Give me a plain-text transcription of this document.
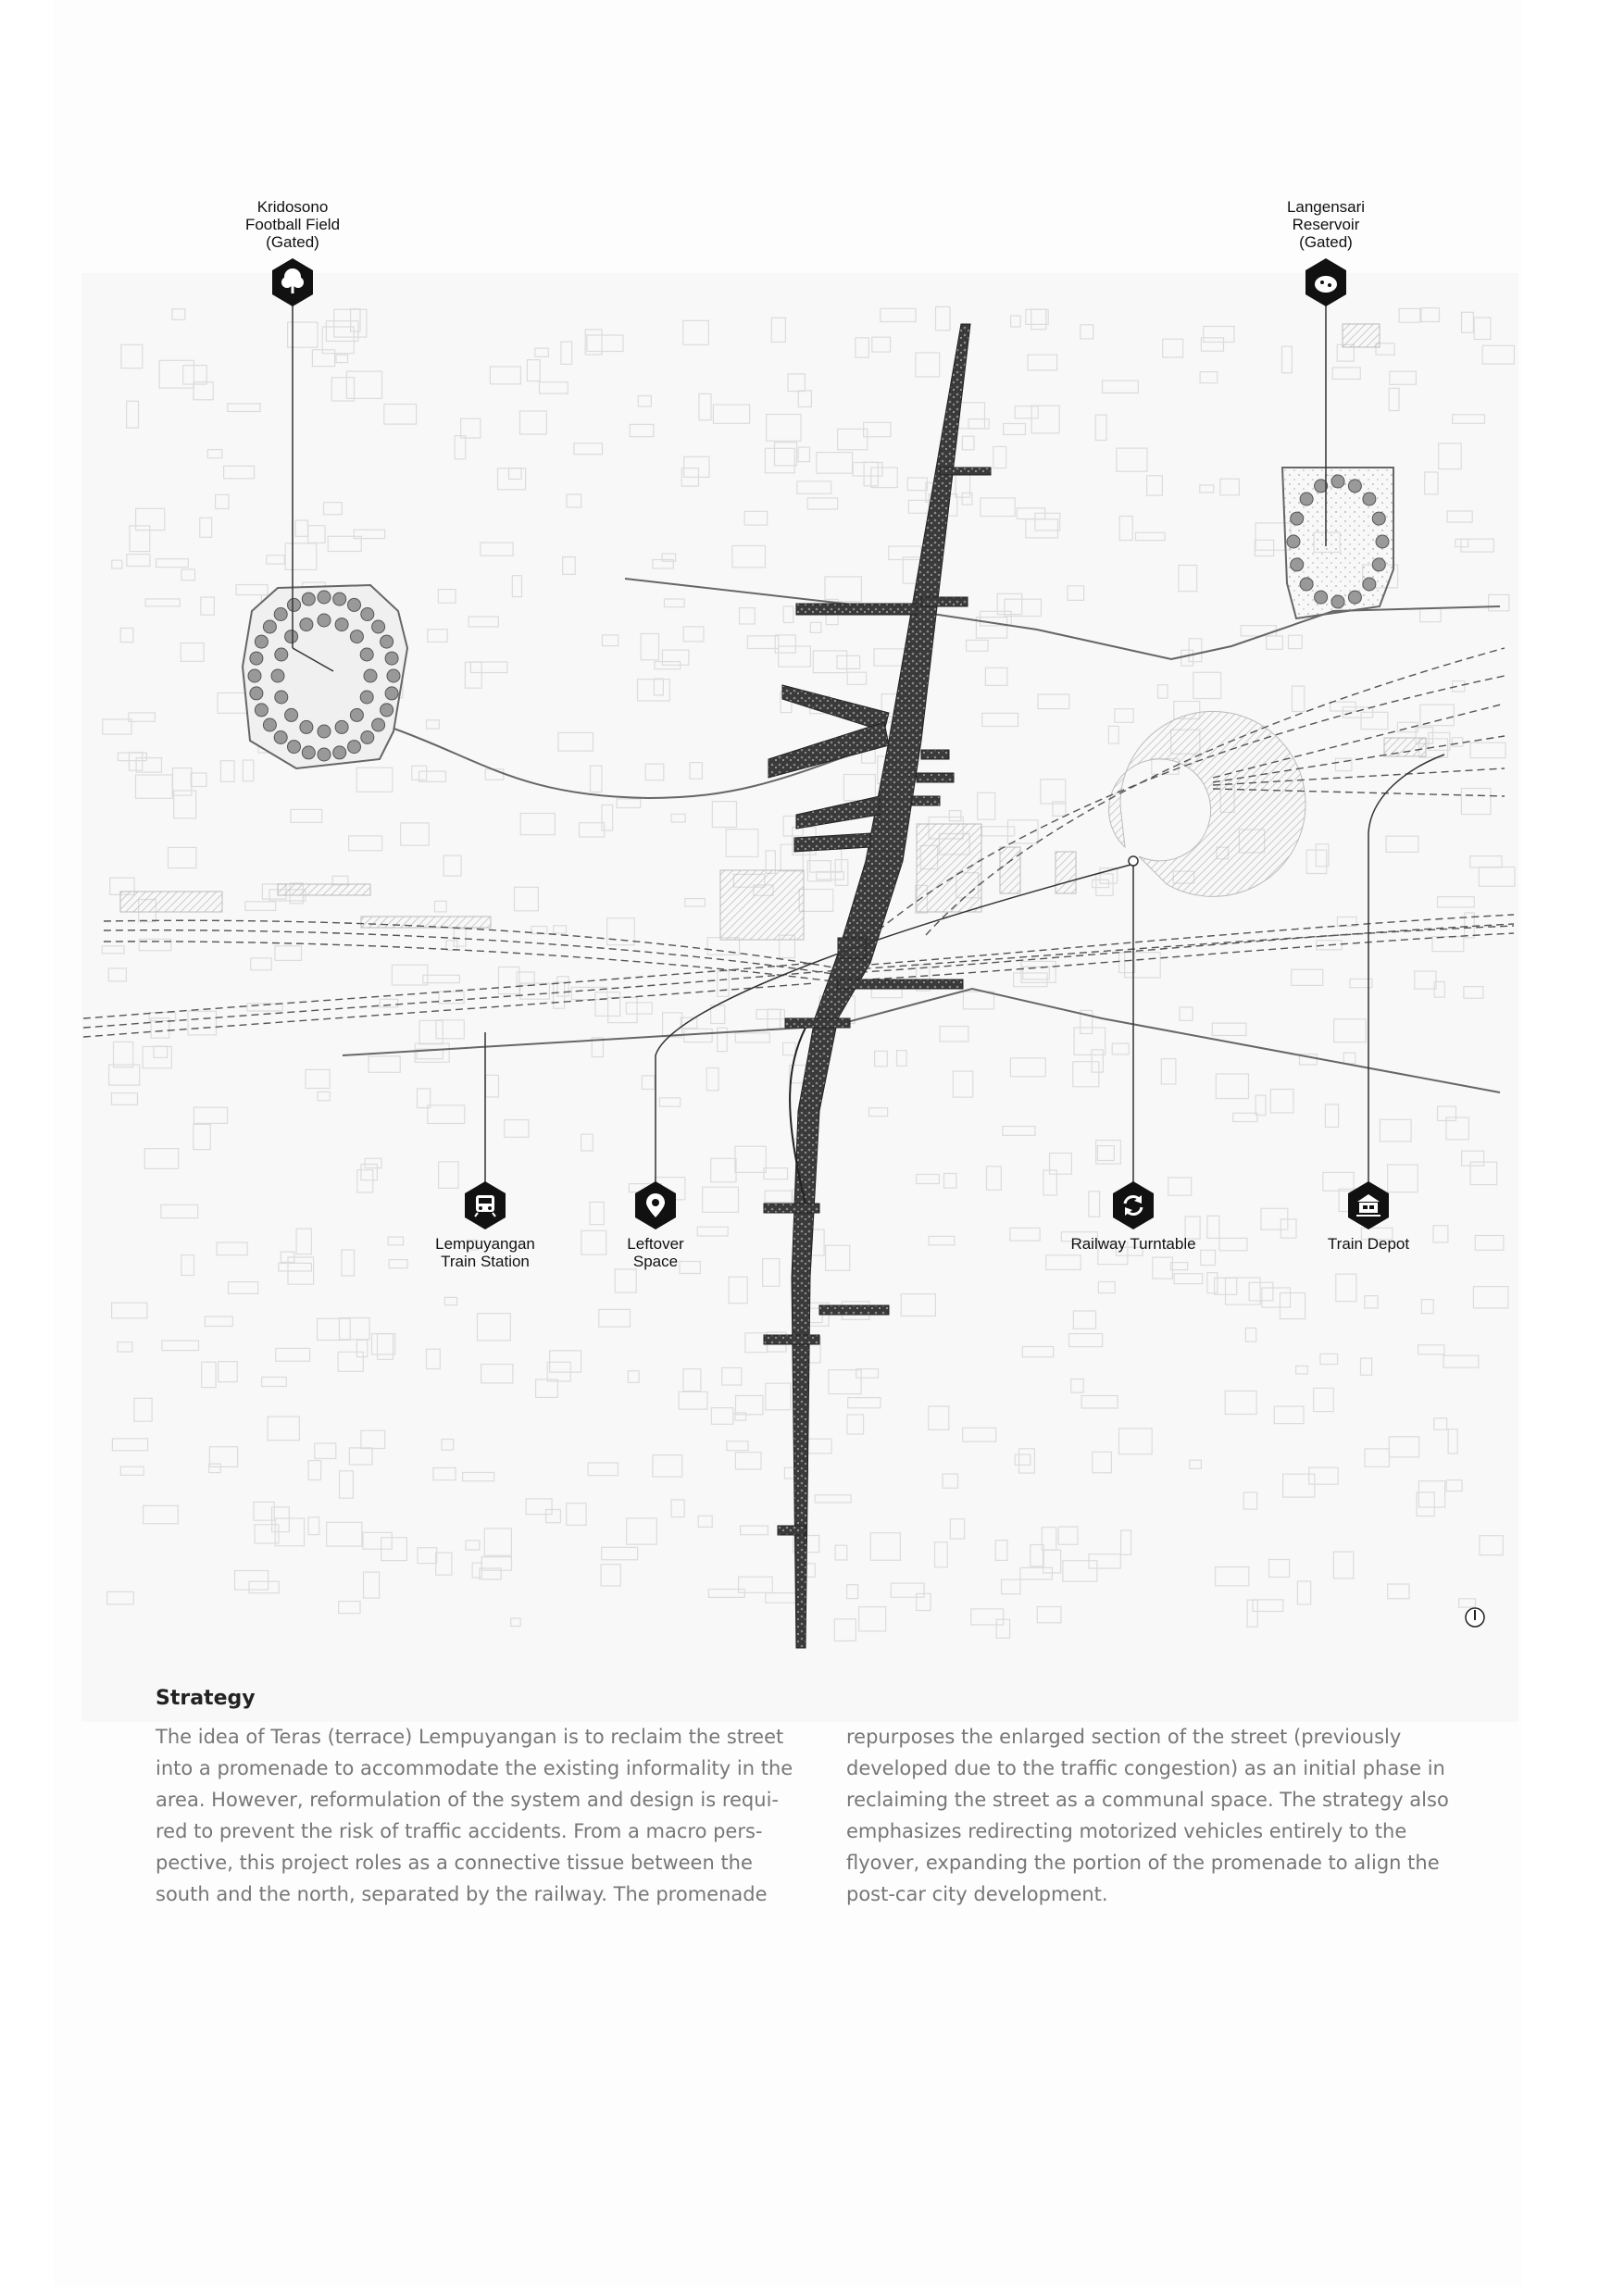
Kridosono
Football Field
(Gated)
Langensari
Reservoir
(Gated)
Lempuyangan
Train Station
Leftover
Space
Railway Turntable	Train Depot
Strategy

The idea of Teras (terrace) Lempuyangan is to reclaim the street into a promenade to accommodate the existing informality in the area. However, reformulation of the system and design is requi-red to prevent the risk of traffic accidents. From a macro pers-pective, this project roles as a connective tissue between the south and the north, separated by the railway. The promenade

repurposes the enlarged section of the street (previously developed due to the traffic congestion) as an initial phase in reclaiming the street as a communal space. The strategy also emphasizes redirecting motorized vehicles entirely to the flyover, expanding the portion of the promenade to align the post-car city development.
